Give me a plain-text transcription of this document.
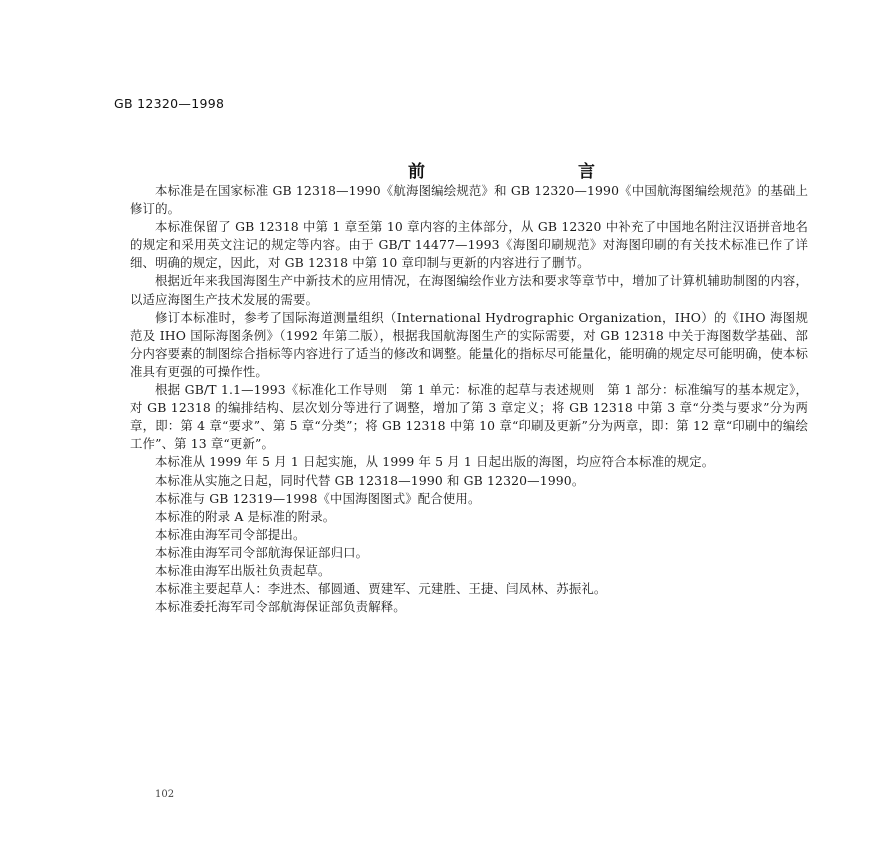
GB 12320—1998
前　言

本标准是在国家标准 GB 12318—1990《航海图编绘规范》和 GB 12320—1990《中国航海图编绘规范》的基础上修订的。

本标准保留了 GB 12318 中第 1 章至第 10 章内容的主体部分，从 GB 12320 中补充了中国地名附注汉语拼音地名的规定和采用英文注记的规定等内容。由于 GB/T 14477—1993《海图印刷规范》对海图印刷的有关技术标准已作了详细、明确的规定，因此，对 GB 12318 中第 10 章印制与更新的内容进行了删节。

根据近年来我国海图生产中新技术的应用情况，在海图编绘作业方法和要求等章节中，增加了计算机辅助制图的内容，以适应海图生产技术发展的需要。

修订本标准时，参考了国际海道测量组织（International Hydrographic Organization，IHO）的《IHO 海图规范及 IHO 国际海图条例》（1992 年第二版），根据我国航海图生产的实际需要，对 GB 12318 中关于海图数学基础、部分内容要素的制图综合指标等内容进行了适当的修改和调整。能量化的指标尽可能量化，能明确的规定尽可能明确，使本标准具有更强的可操作性。

根据 GB/T 1.1—1993《标准化工作导则　第 1 单元：标准的起草与表述规则　第 1 部分：标准编写的基本规定》，对 GB 12318 的编排结构、层次划分等进行了调整，增加了第 3 章定义；将 GB 12318 中第 3 章“分类与要求”分为两章，即：第 4 章“要求”、第 5 章“分类”；将 GB 12318 中第 10 章“印刷及更新”分为两章，即：第 12 章“印刷中的编绘工作”、第 13 章“更新”。

本标准从 1999 年 5 月 1 日起实施，从 1999 年 5 月 1 日起出版的海图，均应符合本标准的规定。

本标准从实施之日起，同时代替 GB 12318—1990 和 GB 12320—1990。

本标准与 GB 12319—1998《中国海图图式》配合使用。

本标准的附录 A 是标准的附录。

本标准由海军司令部提出。

本标准由海军司令部航海保证部归口。

本标准由海军出版社负责起草。

本标准主要起草人：李进杰、郁圆通、贾建军、元建胜、王捷、闫凤林、苏振礼。

本标准委托海军司令部航海保证部负责解释。

102
